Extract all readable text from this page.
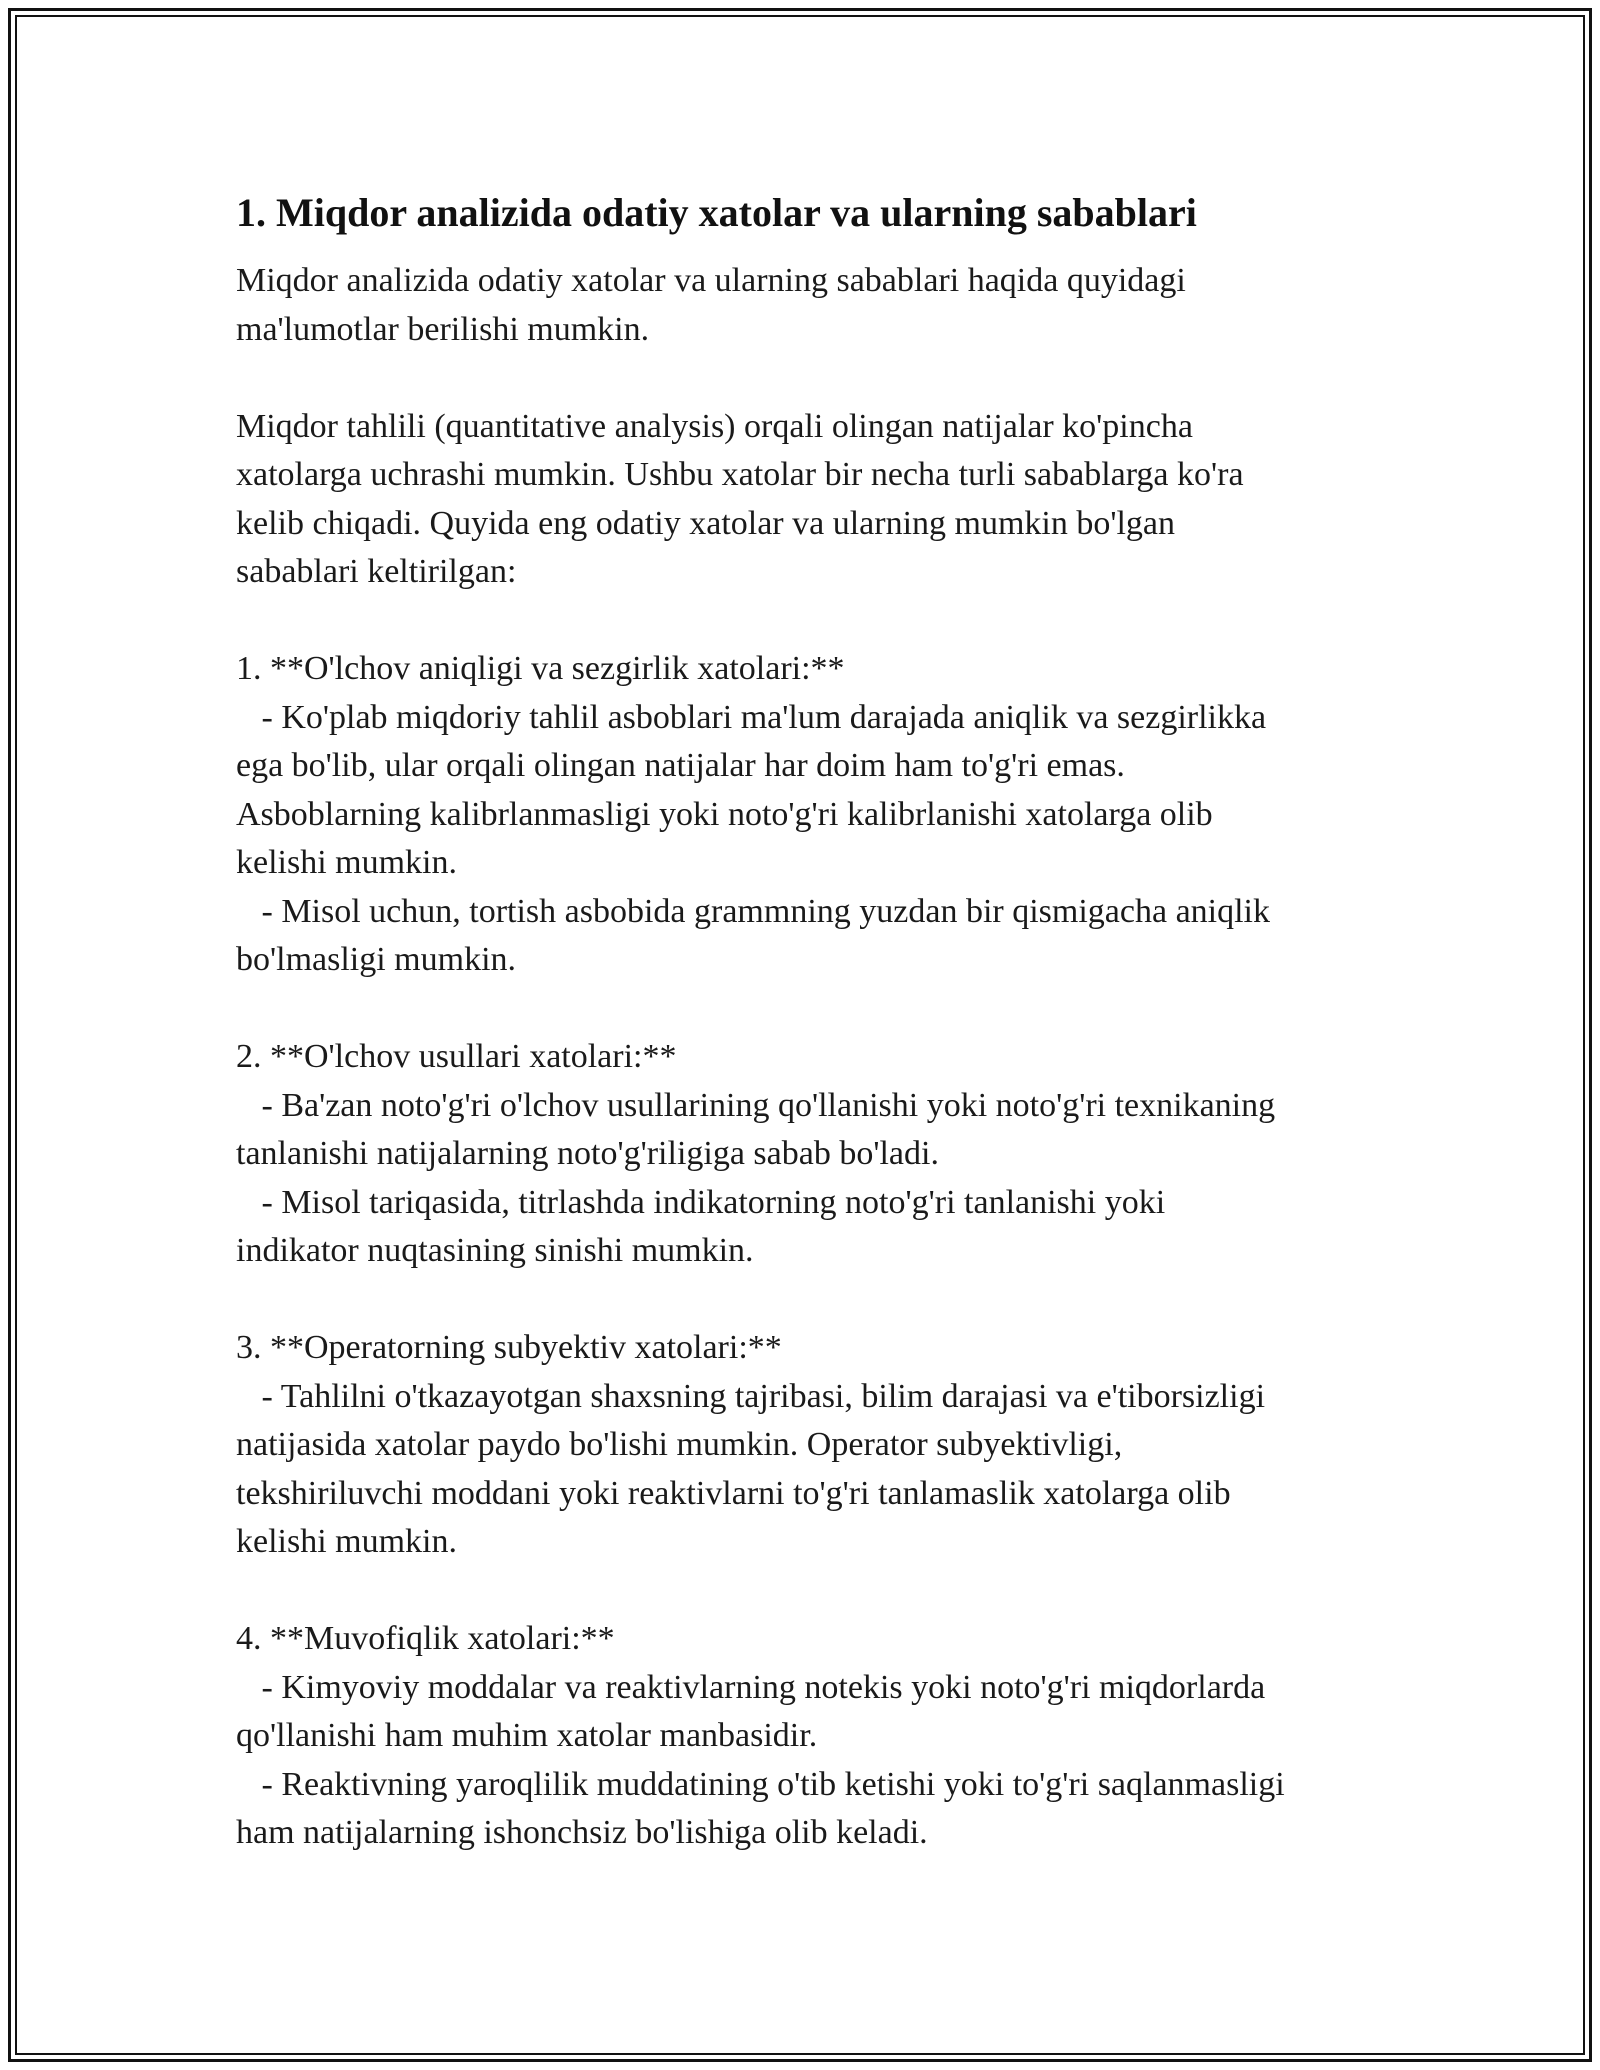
1. Miqdor analizida odatiy xatolar va ularning sabablari
Miqdor analizida odatiy xatolar va ularning sabablari haqida quyidagi
ma'lumotlar berilishi mumkin.

Miqdor tahlili (quantitative analysis) orqali olingan natijalar ko'pincha
xatolarga uchrashi mumkin. Ushbu xatolar bir necha turli sabablarga ko'ra
kelib chiqadi. Quyida eng odatiy xatolar va ularning mumkin bo'lgan
sabablari keltirilgan:

1. **O'lchov aniqligi va sezgirlik xatolari:**
- Ko'plab miqdoriy tahlil asboblari ma'lum darajada aniqlik va sezgirlikka
ega bo'lib, ular orqali olingan natijalar har doim ham to'g'ri emas.
Asboblarning kalibrlanmasligi yoki noto'g'ri kalibrlanishi xatolarga olib
kelishi mumkin.
- Misol uchun, tortish asbobida grammning yuzdan bir qismigacha aniqlik
bo'lmasligi mumkin.

2. **O'lchov usullari xatolari:**
- Ba'zan noto'g'ri o'lchov usullarining qo'llanishi yoki noto'g'ri texnikaning
tanlanishi natijalarning noto'g'riligiga sabab bo'ladi.
- Misol tariqasida, titrlashda indikatorning noto'g'ri tanlanishi yoki
indikator nuqtasining sinishi mumkin.

3. **Operatorning subyektiv xatolari:**
- Tahlilni o'tkazayotgan shaxsning tajribasi, bilim darajasi va e'tiborsizligi
natijasida xatolar paydo bo'lishi mumkin. Operator subyektivligi,
tekshiriluvchi moddani yoki reaktivlarni to'g'ri tanlamaslik xatolarga olib
kelishi mumkin.

4. **Muvofiqlik xatolari:**
- Kimyoviy moddalar va reaktivlarning notekis yoki noto'g'ri miqdorlarda
qo'llanishi ham muhim xatolar manbasidir.
- Reaktivning yaroqlilik muddatining o'tib ketishi yoki to'g'ri saqlanmasligi
ham natijalarning ishonchsiz bo'lishiga olib keladi.
